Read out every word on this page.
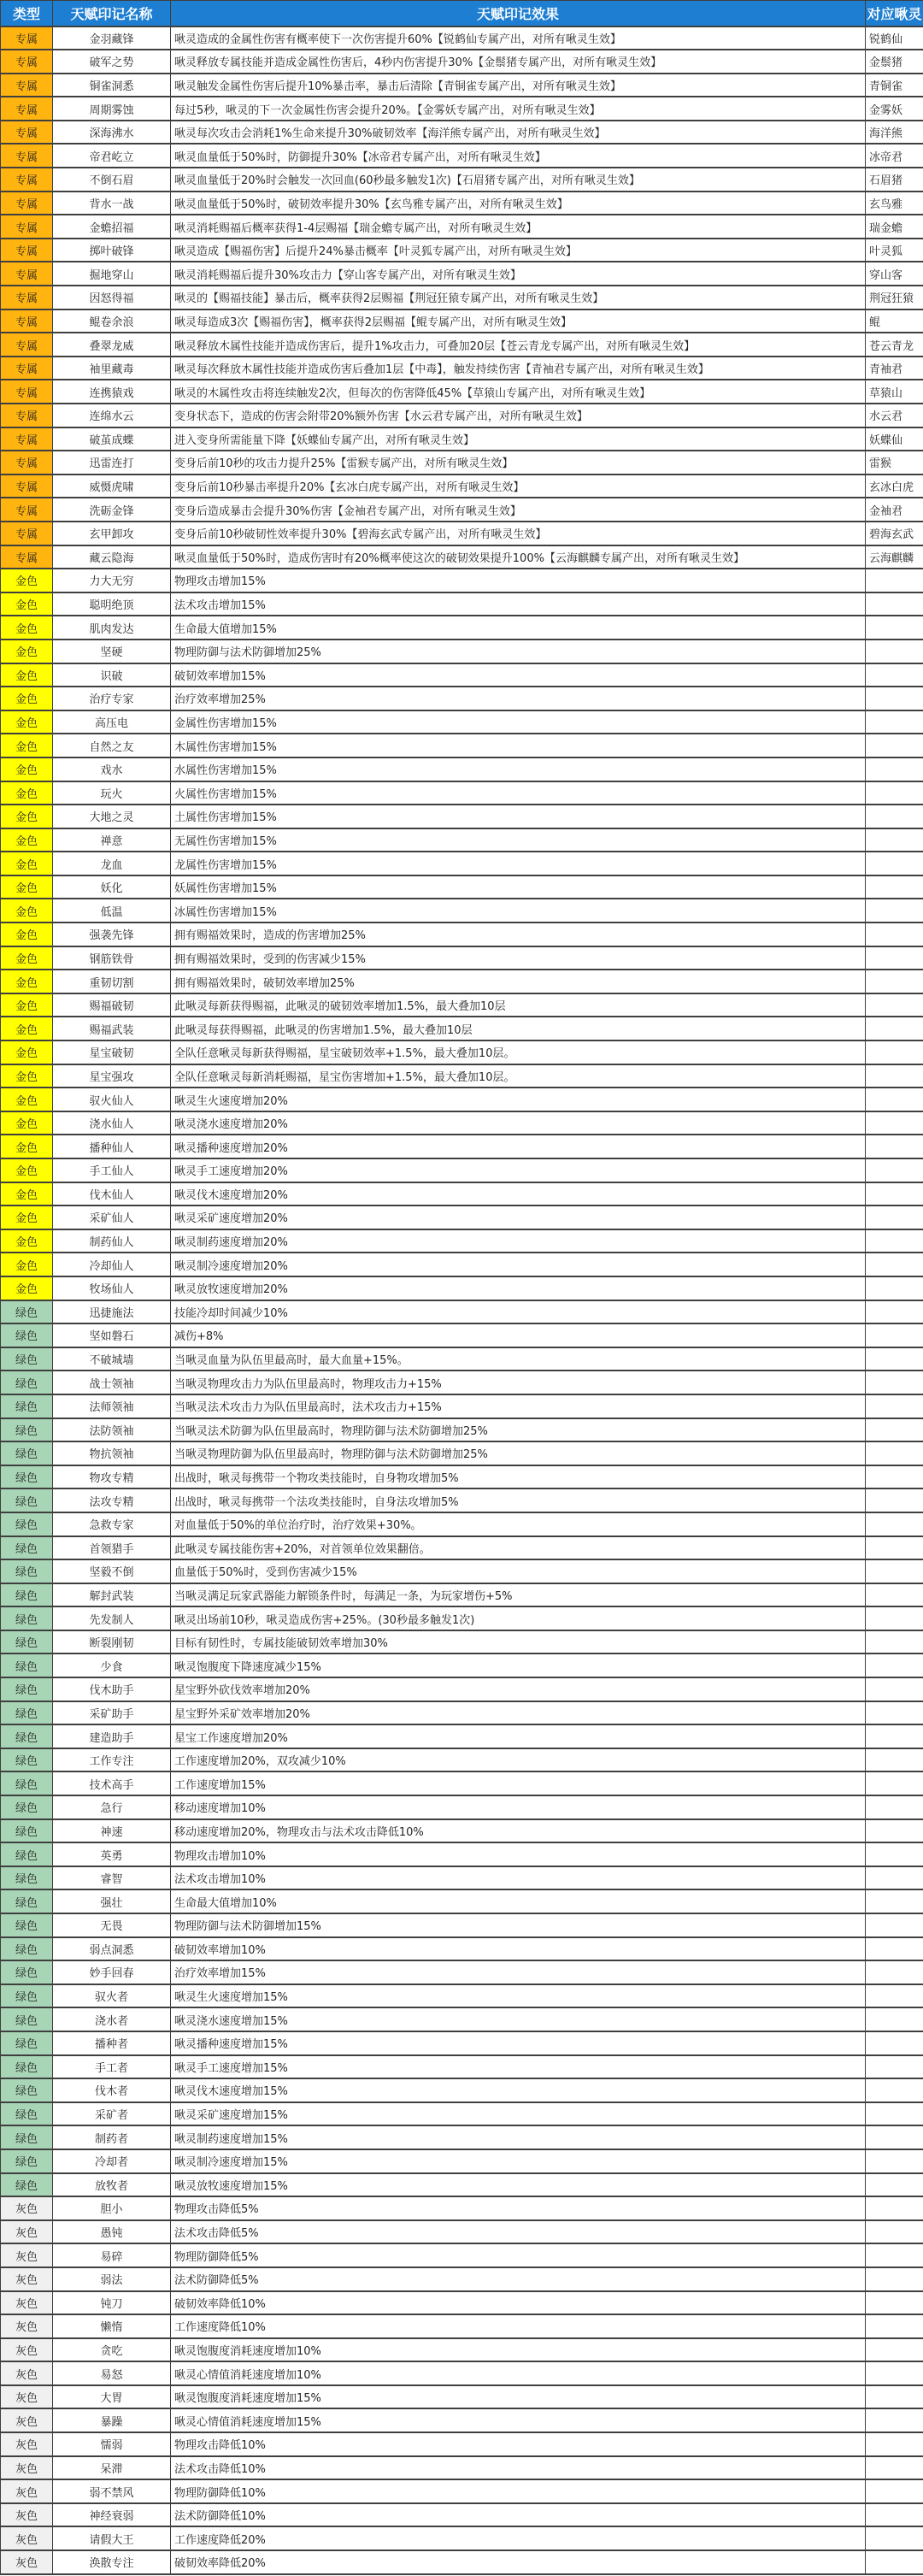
类型	天赋印记名称	天赋印记效果	对应啾灵
专属	金羽藏锋	啾灵造成的金属性伤害有概率使下一次伤害提升60%【锐鹤仙专属产出，对所有啾灵生效】	锐鹤仙
专属	破军之势	啾灵释放专属技能并造成金属性伤害后，4秒内伤害提升30%【金鬃猪专属产出，对所有啾灵生效】	金鬃猪
专属	铜雀洞悉	啾灵触发金属性伤害后提升10%暴击率，暴击后清除【青铜雀专属产出，对所有啾灵生效】	青铜雀
专属	周期雾蚀	每过5秒，啾灵的下一次金属性伤害会提升20%。【金雾妖专属产出，对所有啾灵生效】	金雾妖
专属	深海沸水	啾灵每次攻击会消耗1%生命来提升30%破韧效率【海洋熊专属产出，对所有啾灵生效】	海洋熊
专属	帝君屹立	啾灵血量低于50%时，防御提升30%【冰帝君专属产出，对所有啾灵生效】	冰帝君
专属	不倒石眉	啾灵血量低于20%时会触发一次回血(60秒最多触发1次)【石眉猪专属产出，对所有啾灵生效】	石眉猪
专属	背水一战	啾灵血量低于50%时，破韧效率提升30%【玄鸟雅专属产出，对所有啾灵生效】	玄鸟雅
专属	金蟾招福	啾灵消耗赐福后概率获得1-4层赐福【瑞金蟾专属产出，对所有啾灵生效】	瑞金蟾
专属	掷叶破锋	啾灵造成【赐福伤害】后提升24%暴击概率【叶灵狐专属产出，对所有啾灵生效】	叶灵狐
专属	掘地穿山	啾灵消耗赐福后提升30%攻击力【穿山客专属产出，对所有啾灵生效】	穿山客
专属	因怒得福	啾灵的【赐福技能】暴击后，概率获得2层赐福【荆冠狂猿专属产出，对所有啾灵生效】	荆冠狂猿
专属	鲲卷余浪	啾灵每造成3次【赐福伤害】，概率获得2层赐福【鲲专属产出，对所有啾灵生效】	鲲
专属	叠翠龙威	啾灵释放木属性技能并造成伤害后，提升1%攻击力，可叠加20层【苍云青龙专属产出，对所有啾灵生效】	苍云青龙
专属	袖里藏毒	啾灵每次释放木属性技能并造成伤害后叠加1层【中毒】，触发持续伤害【青袖君专属产出，对所有啾灵生效】	青袖君
专属	连携猿戏	啾灵的木属性攻击将连续触发2次，但每次的伤害降低45%【草猿山专属产出，对所有啾灵生效】	草猿山
专属	连绵水云	变身状态下，造成的伤害会附带20%额外伤害【水云君专属产出，对所有啾灵生效】	水云君
专属	破茧成蝶	进入变身所需能量下降【妖蝶仙专属产出，对所有啾灵生效】	妖蝶仙
专属	迅雷连打	变身后前10秒的攻击力提升25%【雷猴专属产出，对所有啾灵生效】	雷猴
专属	威慑虎啸	变身后前10秒暴击率提升20%【玄冰白虎专属产出，对所有啾灵生效】	玄冰白虎
专属	洗砺金锋	变身后造成暴击会提升30%伤害【金袖君专属产出，对所有啾灵生效】	金袖君
专属	玄甲卸攻	变身后前10秒破韧性效率提升30%【碧海玄武专属产出，对所有啾灵生效】	碧海玄武
专属	藏云隐海	啾灵血量低于50%时，造成伤害时有20%概率使这次的破韧效果提升100%【云海麒麟专属产出，对所有啾灵生效】	云海麒麟
金色	力大无穷	物理攻击增加15%	
金色	聪明绝顶	法术攻击增加15%	
金色	肌肉发达	生命最大值增加15%	
金色	坚硬	物理防御与法术防御增加25%	
金色	识破	破韧效率增加15%	
金色	治疗专家	治疗效率增加25%	
金色	高压电	金属性伤害增加15%	
金色	自然之友	木属性伤害增加15%	
金色	戏水	水属性伤害增加15%	
金色	玩火	火属性伤害增加15%	
金色	大地之灵	土属性伤害增加15%	
金色	禅意	无属性伤害增加15%	
金色	龙血	龙属性伤害增加15%	
金色	妖化	妖属性伤害增加15%	
金色	低温	冰属性伤害增加15%	
金色	强袭先锋	拥有赐福效果时，造成的伤害增加25%	
金色	钢筋铁骨	拥有赐福效果时，受到的伤害减少15%	
金色	重韧切割	拥有赐福效果时，破韧效率增加25%	
金色	赐福破韧	此啾灵每新获得赐福，此啾灵的破韧效率增加1.5%，最大叠加10层	
金色	赐福武装	此啾灵每获得赐福，此啾灵的伤害增加1.5%，最大叠加10层	
金色	星宝破韧	全队任意啾灵每新获得赐福，星宝破韧效率+1.5%，最大叠加10层。	
金色	星宝强攻	全队任意啾灵每新消耗赐福，星宝伤害增加+1.5%，最大叠加10层。	
金色	驭火仙人	啾灵生火速度增加20%	
金色	浇水仙人	啾灵浇水速度增加20%	
金色	播种仙人	啾灵播种速度增加20%	
金色	手工仙人	啾灵手工速度增加20%	
金色	伐木仙人	啾灵伐木速度增加20%	
金色	采矿仙人	啾灵采矿速度增加20%	
金色	制药仙人	啾灵制药速度增加20%	
金色	冷却仙人	啾灵制冷速度增加20%	
金色	牧场仙人	啾灵放牧速度增加20%	
绿色	迅捷施法	技能冷却时间减少10%	
绿色	坚如磐石	减伤+8%	
绿色	不破城墙	当啾灵血量为队伍里最高时，最大血量+15%。	
绿色	战士领袖	当啾灵物理攻击力为队伍里最高时，物理攻击力+15%	
绿色	法师领袖	当啾灵法术攻击力为队伍里最高时，法术攻击力+15%	
绿色	法防领袖	当啾灵法术防御为队伍里最高时，物理防御与法术防御增加25%	
绿色	物抗领袖	当啾灵物理防御为队伍里最高时，物理防御与法术防御增加25%	
绿色	物攻专精	出战时，啾灵每携带一个物攻类技能时，自身物攻增加5%	
绿色	法攻专精	出战时，啾灵每携带一个法攻类技能时，自身法攻增加5%	
绿色	急救专家	对血量低于50%的单位治疗时，治疗效果+30%。	
绿色	首领猎手	此啾灵专属技能伤害+20%，对首领单位效果翻倍。	
绿色	坚毅不倒	血量低于50%时，受到伤害减少15%	
绿色	解封武装	当啾灵满足玩家武器能力解锁条件时，每满足一条，为玩家增伤+5%	
绿色	先发制人	啾灵出场前10秒，啾灵造成伤害+25%。(30秒最多触发1次)	
绿色	断裂刚韧	目标有韧性时，专属技能破韧效率增加30%	
绿色	少食	啾灵饱腹度下降速度减少15%	
绿色	伐木助手	星宝野外砍伐效率增加20%	
绿色	采矿助手	星宝野外采矿效率增加20%	
绿色	建造助手	星宝工作速度增加20%	
绿色	工作专注	工作速度增加20%，双攻减少10%	
绿色	技术高手	工作速度增加15%	
绿色	急行	移动速度增加10%	
绿色	神速	移动速度增加20%，物理攻击与法术攻击降低10%	
绿色	英勇	物理攻击增加10%	
绿色	睿智	法术攻击增加10%	
绿色	强壮	生命最大值增加10%	
绿色	无畏	物理防御与法术防御增加15%	
绿色	弱点洞悉	破韧效率增加10%	
绿色	妙手回春	治疗效率增加15%	
绿色	驭火者	啾灵生火速度增加15%	
绿色	浇水者	啾灵浇水速度增加15%	
绿色	播种者	啾灵播种速度增加15%	
绿色	手工者	啾灵手工速度增加15%	
绿色	伐木者	啾灵伐木速度增加15%	
绿色	采矿者	啾灵采矿速度增加15%	
绿色	制药者	啾灵制药速度增加15%	
绿色	冷却者	啾灵制冷速度增加15%	
绿色	放牧者	啾灵放牧速度增加15%	
灰色	胆小	物理攻击降低5%	
灰色	愚钝	法术攻击降低5%	
灰色	易碎	物理防御降低5%	
灰色	弱法	法术防御降低5%	
灰色	钝刀	破韧效率降低10%	
灰色	懒惰	工作速度降低10%	
灰色	贪吃	啾灵饱腹度消耗速度增加10%	
灰色	易怒	啾灵心情值消耗速度增加10%	
灰色	大胃	啾灵饱腹度消耗速度增加15%	
灰色	暴躁	啾灵心情值消耗速度增加15%	
灰色	懦弱	物理攻击降低10%	
灰色	呆滞	法术攻击降低10%	
灰色	弱不禁风	物理防御降低10%	
灰色	神经衰弱	法术防御降低10%	
灰色	请假大王	工作速度降低20%	
灰色	涣散专注	破韧效率降低20%	
